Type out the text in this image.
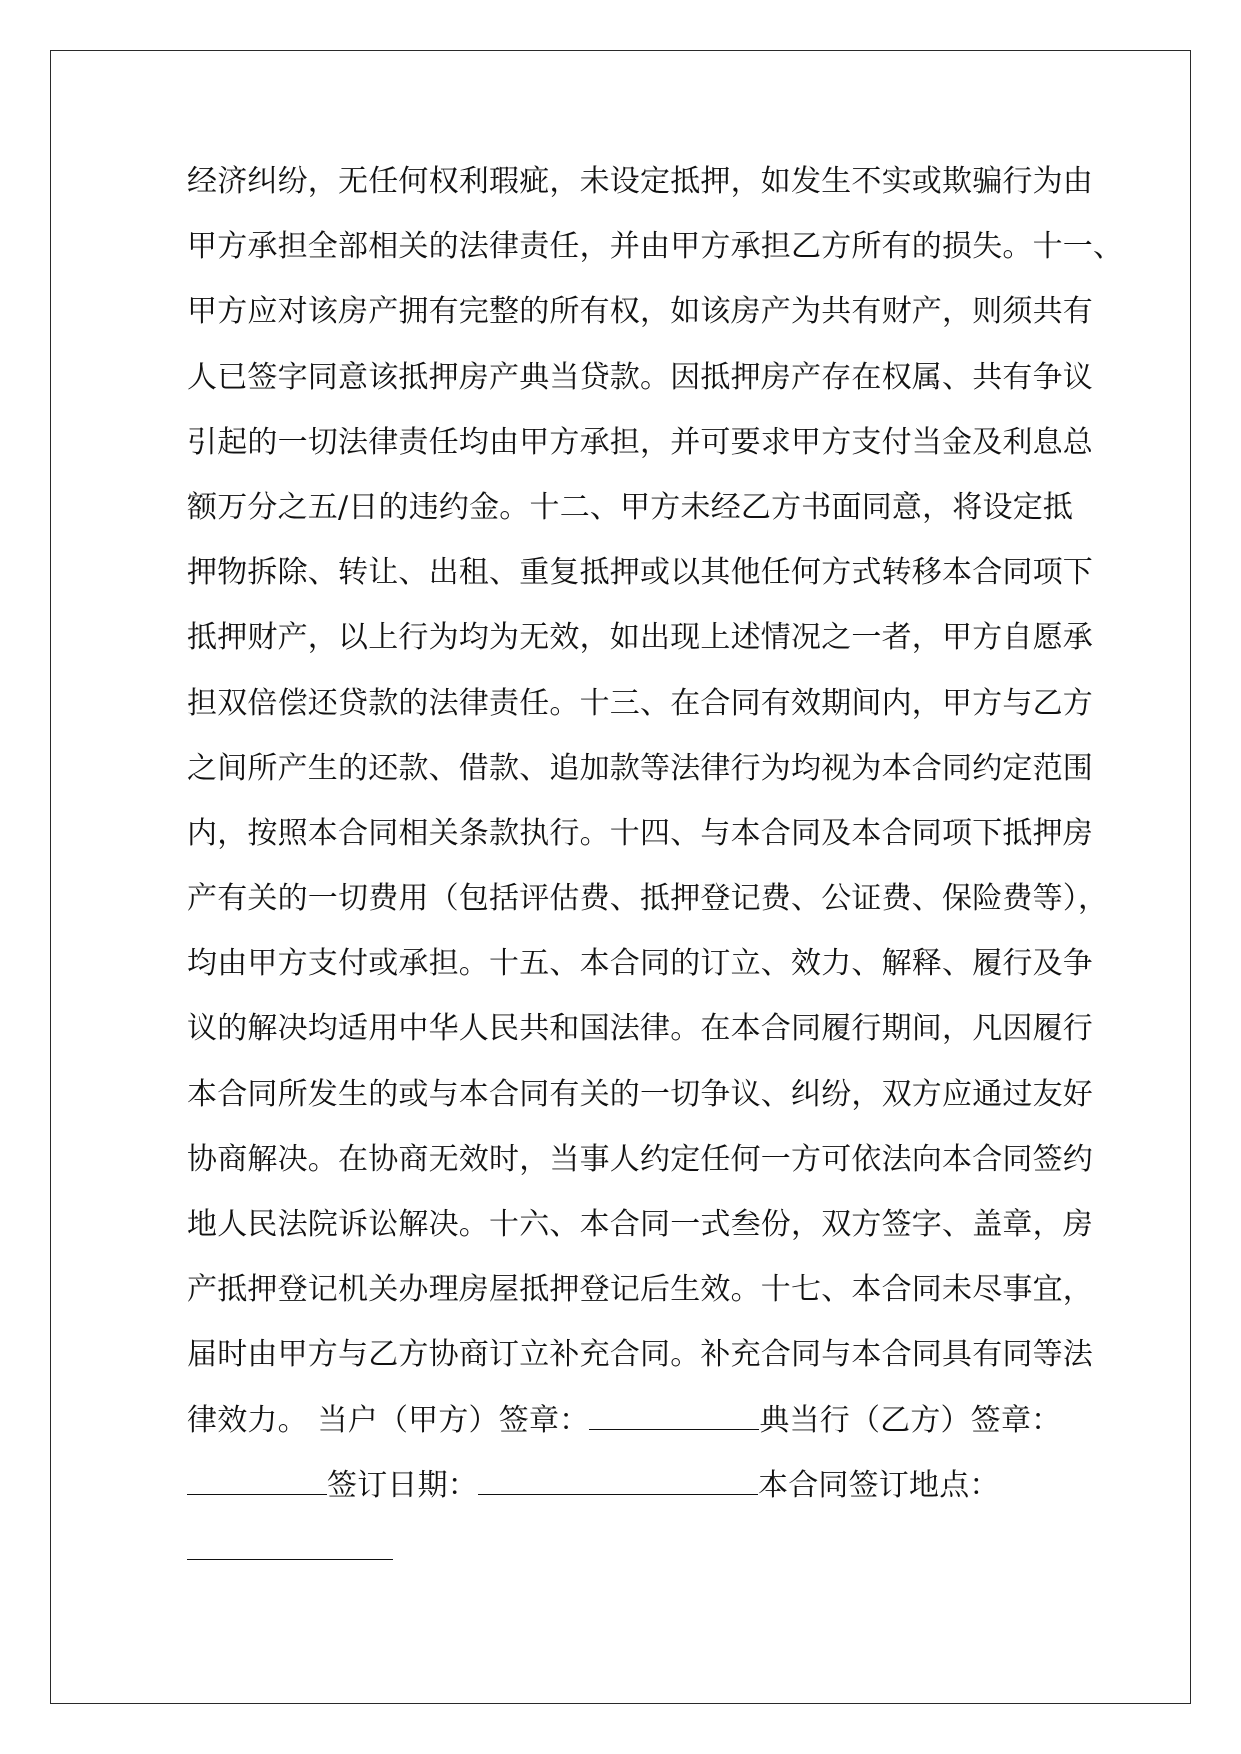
经济纠纷，无任何权利瑕疵，未设定抵押，如发生不实或欺骗行为由
甲方承担全部相关的法律责任，并由甲方承担乙方所有的损失。十一、
甲方应对该房产拥有完整的所有权，如该房产为共有财产，则须共有
人已签字同意该抵押房产典当贷款。因抵押房产存在权属、共有争议
引起的一切法律责任均由甲方承担，并可要求甲方支付当金及利息总
额万分之五/日的违约金。十二、甲方未经乙方书面同意，将设定抵
押物拆除、转让、出租、重复抵押或以其他任何方式转移本合同项下
抵押财产，以上行为均为无效，如出现上述情况之一者，甲方自愿承
担双倍偿还贷款的法律责任。十三、在合同有效期间内，甲方与乙方
之间所产生的还款、借款、追加款等法律行为均视为本合同约定范围
内，按照本合同相关条款执行。十四、与本合同及本合同项下抵押房
产有关的一切费用（包括评估费、抵押登记费、公证费、保险费等），
均由甲方支付或承担。十五、本合同的订立、效力、解释、履行及争
议的解决均适用中华人民共和国法律。在本合同履行期间，凡因履行
本合同所发生的或与本合同有关的一切争议、纠纷，双方应通过友好
协商解决。在协商无效时，当事人约定任何一方可依法向本合同签约
地人民法院诉讼解决。十六、本合同一式叁份，双方签字、盖章，房
产抵押登记机关办理房屋抵押登记后生效。十七、本合同未尽事宜，
届时由甲方与乙方协商订立补充合同。补充合同与本合同具有同等法
律效力。 当户（甲方）签章：	典当行（乙方）签章：
签订日期：	本合同签订地点：
